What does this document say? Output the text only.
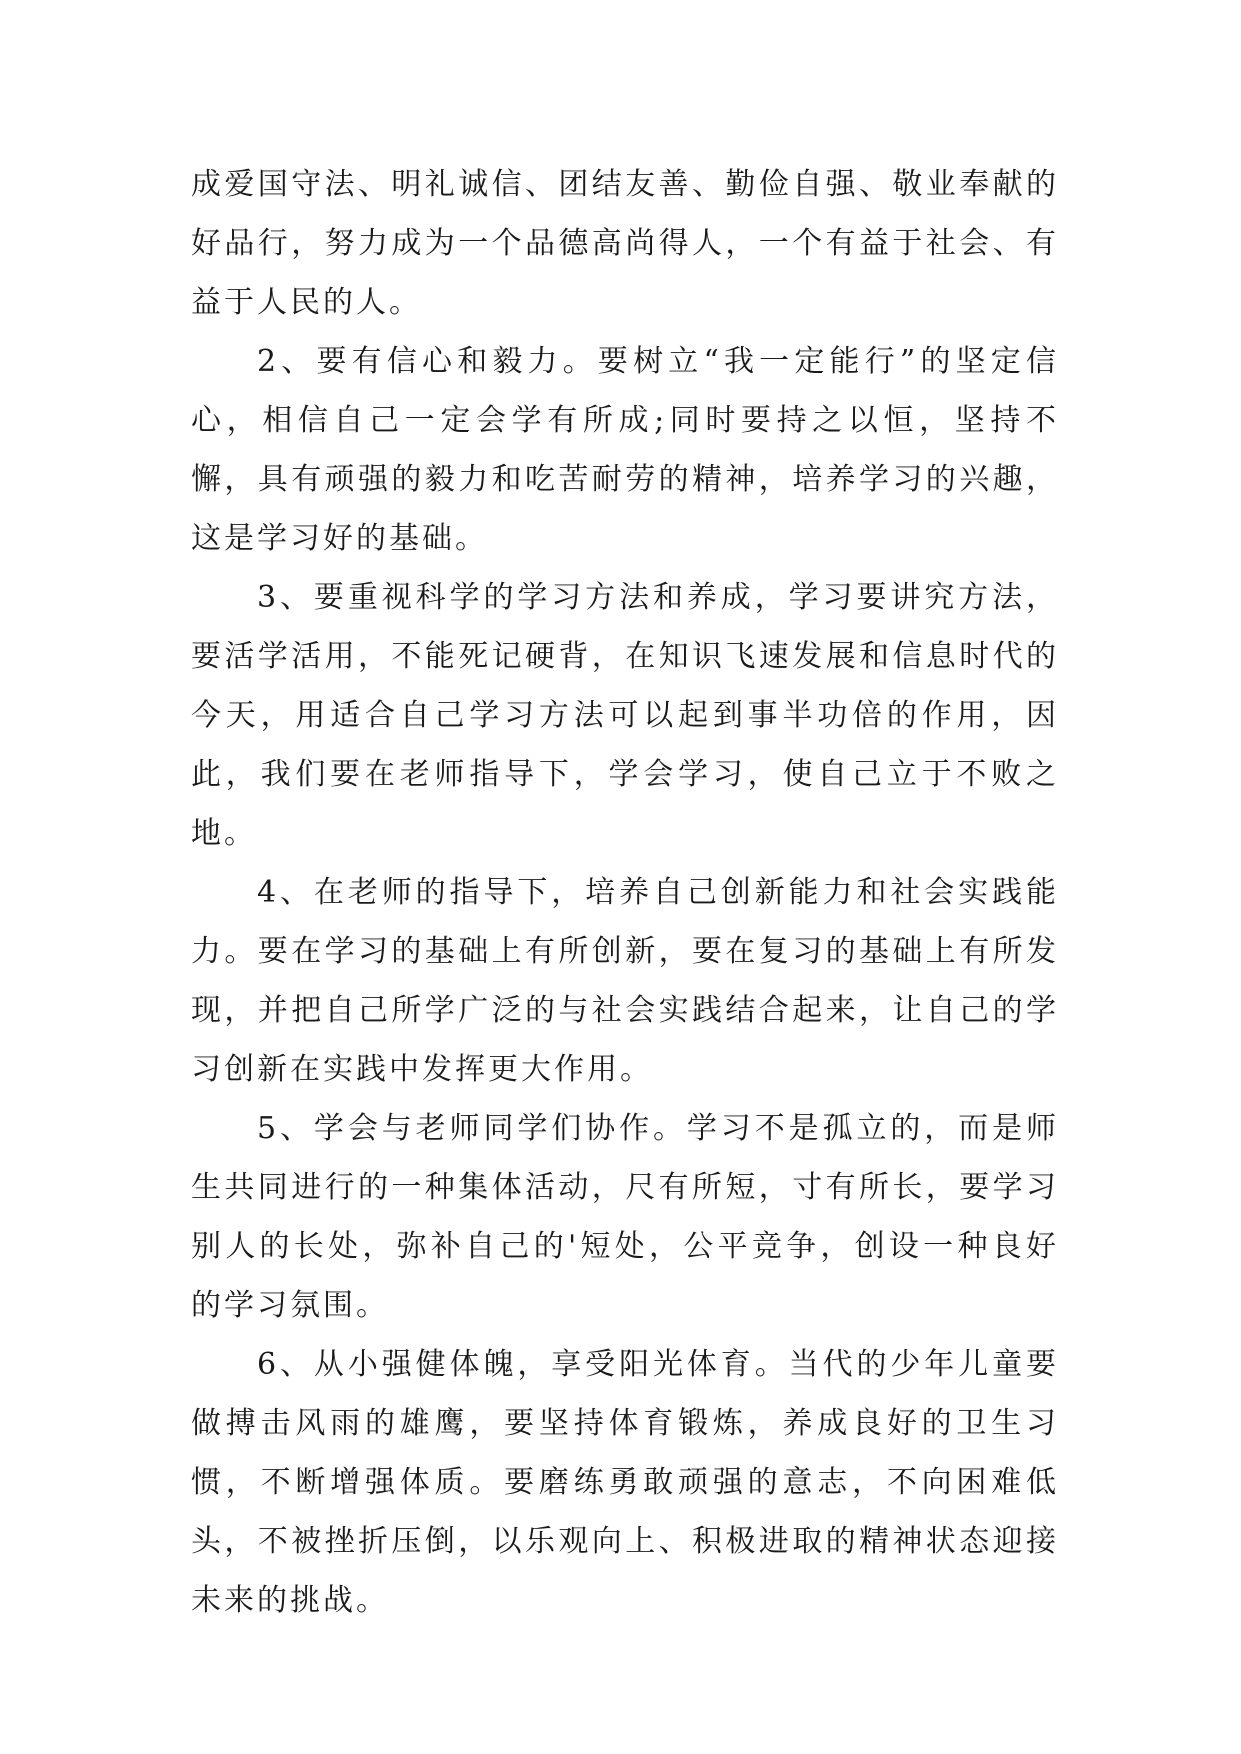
成爱国守法、明礼诚信、团结友善、勤俭自强、敬业奉献的好品行，努力成为一个品德高尚得人，一个有益于社会、有益于人民的人。

2、要有信心和毅力。要树立“我一定能行”的坚定信心，相信自己一定会学有所成;同时要持之以恒，坚持不懈，具有顽强的毅力和吃苦耐劳的精神，培养学习的兴趣，这是学习好的基础。

3、要重视科学的学习方法和养成，学习要讲究方法，要活学活用，不能死记硬背，在知识飞速发展和信息时代的今天，用适合自己学习方法可以起到事半功倍的作用，因此，我们要在老师指导下，学会学习，使自己立于不败之地。

4、在老师的指导下，培养自己创新能力和社会实践能力。要在学习的基础上有所创新，要在复习的基础上有所发现，并把自己所学广泛的与社会实践结合起来，让自己的学习创新在实践中发挥更大作用。

5、学会与老师同学们协作。学习不是孤立的，而是师生共同进行的一种集体活动，尺有所短，寸有所长，要学习别人的长处，弥补自己的'短处，公平竞争，创设一种良好的学习氛围。

6、从小强健体魄，享受阳光体育。当代的少年儿童要做搏击风雨的雄鹰，要坚持体育锻炼，养成良好的卫生习惯，不断增强体质。要磨练勇敢顽强的意志，不向困难低头，不被挫折压倒，以乐观向上、积极进取的精神状态迎接未来的挑战。
